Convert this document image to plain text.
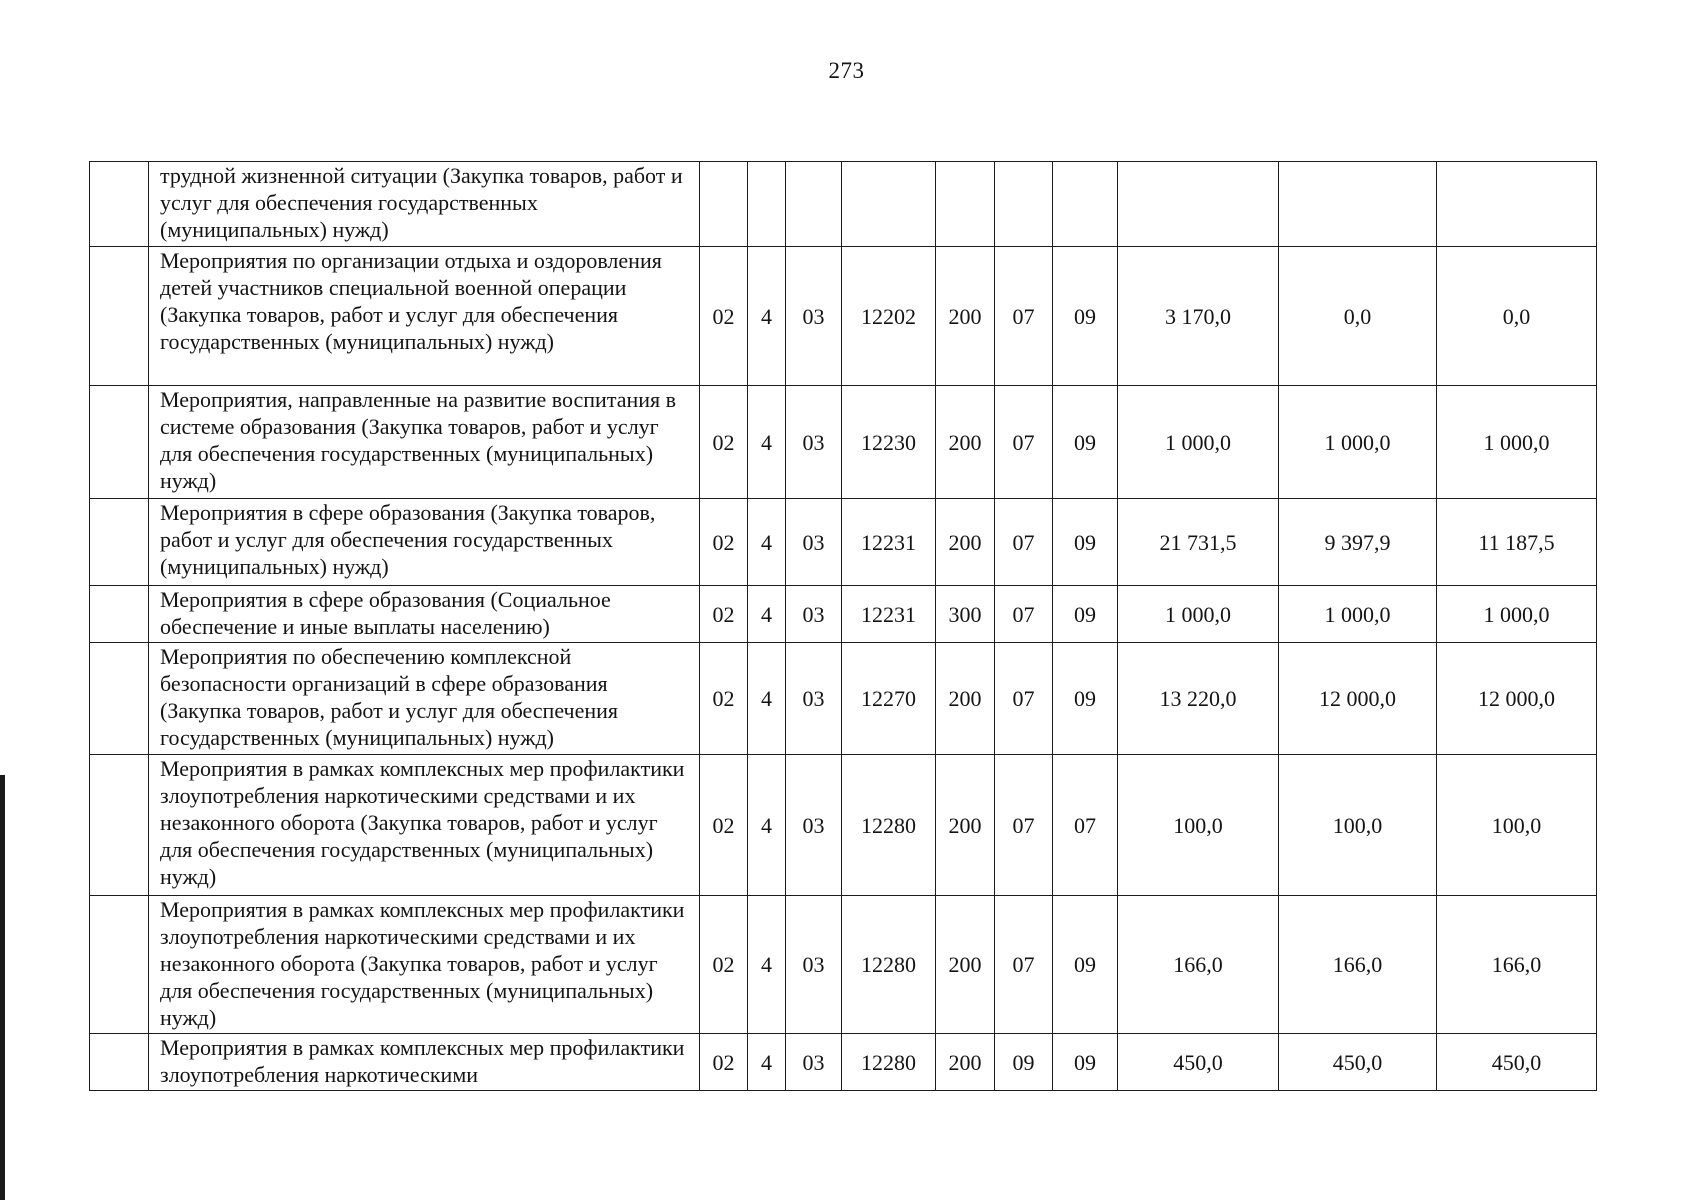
273
	трудной жизненной ситуации (Закупка товаров, работ и услуг для обеспечения государственных (муниципальных) нужд)										
	Мероприятия по организации отдыха и оздоровления детей участников специальной военной операции (Закупка товаров, работ и услуг для обеспечения государственных (муниципальных) нужд)	02	4	03	12202	200	07	09	3 170,0	0,0	0,0
	Мероприятия, направленные на развитие воспитания в системе образования (Закупка товаров, работ и услуг для обеспечения государственных (муниципальных) нужд)	02	4	03	12230	200	07	09	1 000,0	1 000,0	1 000,0
	Мероприятия в сфере образования (Закупка товаров, работ и услуг для обеспечения государственных (муниципальных) нужд)	02	4	03	12231	200	07	09	21 731,5	9 397,9	11 187,5
	Мероприятия в сфере образования (Социальное обеспечение и иные выплаты населению)	02	4	03	12231	300	07	09	1 000,0	1 000,0	1 000,0
	Мероприятия по обеспечению комплексной безопасности организаций в сфере образования (Закупка товаров, работ и услуг для обеспечения государственных (муниципальных) нужд)	02	4	03	12270	200	07	09	13 220,0	12 000,0	12 000,0
	Мероприятия в рамках комплексных мер профилактики злоупотребления наркотическими средствами и их незаконного оборота (Закупка товаров, работ и услуг для обеспечения государственных (муниципальных) нужд)	02	4	03	12280	200	07	07	100,0	100,0	100,0
	Мероприятия в рамках комплексных мер профилактики злоупотребления наркотическими средствами и их незаконного оборота (Закупка товаров, работ и услуг для обеспечения государственных (муниципальных) нужд)	02	4	03	12280	200	07	09	166,0	166,0	166,0
	Мероприятия в рамках комплексных мер профилактики злоупотребления наркотическими	02	4	03	12280	200	09	09	450,0	450,0	450,0
